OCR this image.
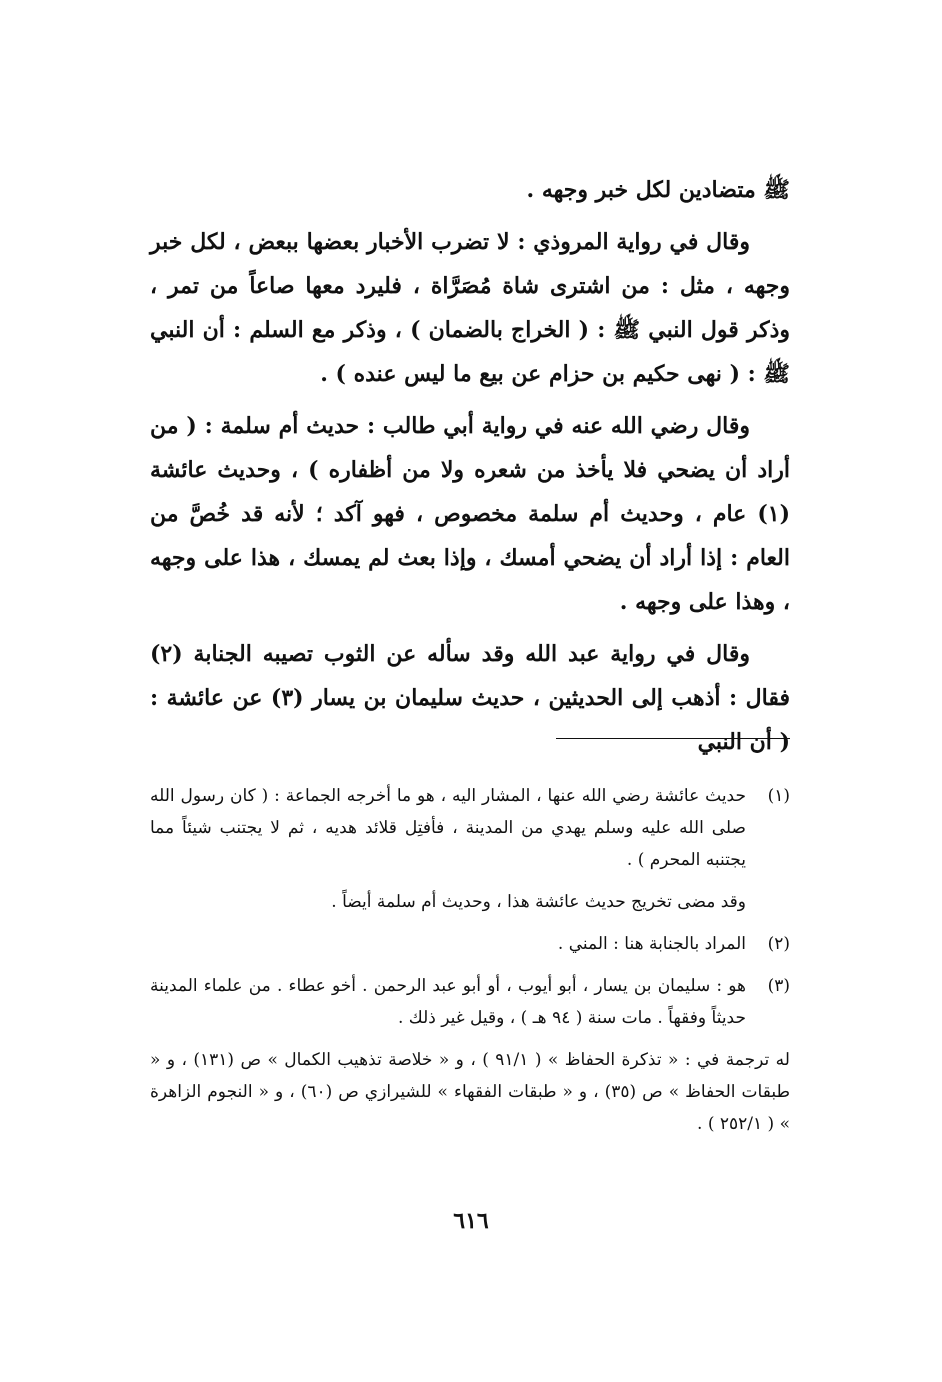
ﷺ متضادين لكل خبر وجهه .

وقال في رواية المروذي : لا تضرب الأخبار بعضها ببعض ، لكل خبر وجهه ، مثل : من اشترى شاة مُصَرَّاة ، فليرد معها صاعاً من تمر ، وذكر قول النبي ﷺ : ( الخراج بالضمان ) ، وذكر مع السلم : أن النبي ﷺ : ( نهى حكيم بن حزام عن بيع ما ليس عنده ) .

وقال رضي الله عنه في رواية أبي طالب : حديث أم سلمة : ( من أراد أن يضحي فلا يأخذ من شعره ولا من أظفاره ) ، وحديث عائشة (١) عام ، وحديث أم سلمة مخصوص ، فهو آكد ؛ لأنه قد خُصَّ من العام : إذا أراد أن يضحي أمسك ، وإذا بعث لم يمسك ، هذا على وجهه ، وهذا على وجهه .

وقال في رواية عبد الله وقد سأله عن الثوب تصيبه الجنابة (٢) فقال : أذهب إلى الحديثين ، حديث سليمان بن يسار (٣) عن عائشة : ( أن النبي

(١)
حديث عائشة رضي الله عنها ، المشار اليه ، هو ما أخرجه الجماعة : ( كان رسول الله صلى الله عليه وسلم يهدي من المدينة ، فأفتِل قلائد هديه ، ثم لا يجتنب شيئاً مما يجتنبه المحرم ) .
وقد مضى تخريج حديث عائشة هذا ، وحديث أم سلمة أيضاً .
(٢)
المراد بالجنابة هنا : المني .
(٣)
هو : سليمان بن يسار ، أبو أيوب ، أو أبو عبد الرحمن . أخو عطاء . من علماء المدينة حديثاً وفقهاً . مات سنة ( ٩٤ هـ ) ، وقيل غير ذلك .
له ترجمة في : « تذكرة الحفاظ » ( ٩١/١ ) ، و « خلاصة تذهيب الكمال » ص (١٣١) ، و « طبقات الحفاظ » ص (٣٥) ، و « طبقات الفقهاء » للشيرازي ص (٦٠) ، و « النجوم الزاهرة » ( ٢٥٢/١ ) .
٦١٦
